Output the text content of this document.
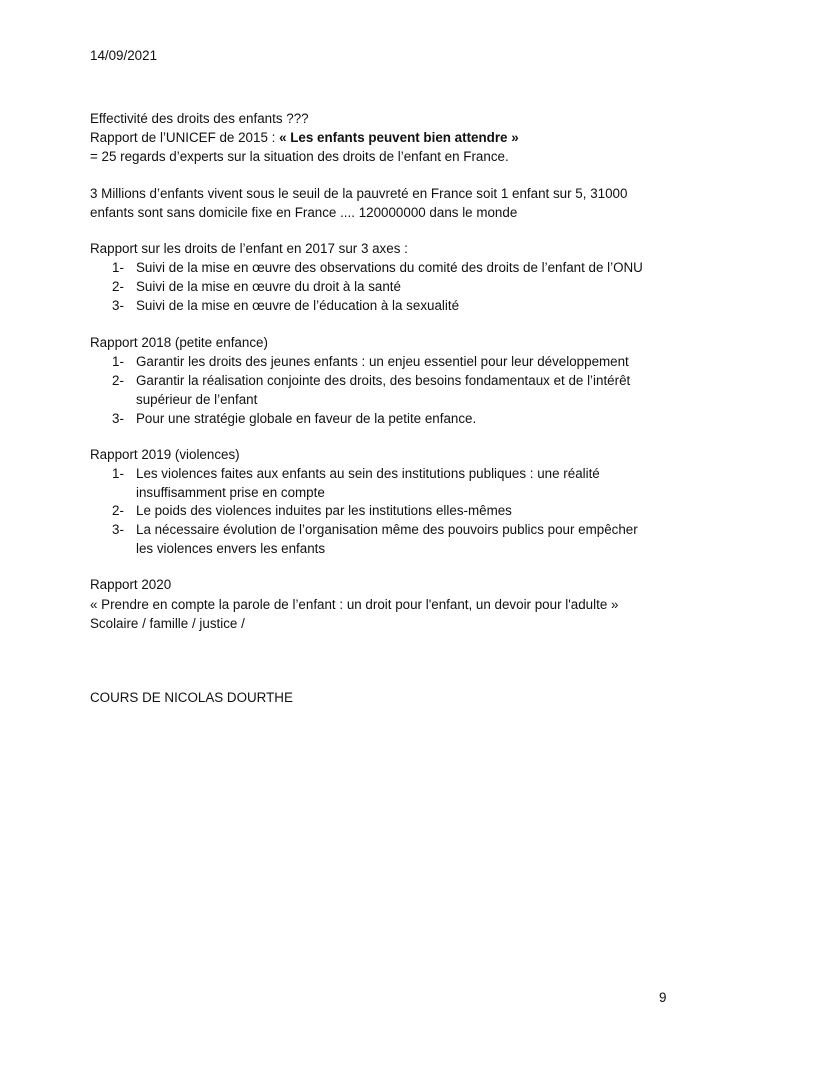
14/09/2021
Effectivité des droits des enfants ???
Rapport de l’UNICEF de 2015 : « Les enfants peuvent bien attendre »
= 25 regards d’experts sur la situation des droits de l’enfant en France.
3 Millions d’enfants vivent sous le seuil de la pauvreté en France soit 1 enfant sur 5, 31000
enfants sont sans domicile fixe en France .... 120000000 dans le monde
Rapport sur les droits de l’enfant en 2017 sur 3 axes :
1- Suivi de la mise en œuvre des observations du comité des droits de l’enfant de l’ONU
2- Suivi de la mise en œuvre du droit à la santé
3- Suivi de la mise en œuvre de l’éducation à la sexualité
Rapport 2018 (petite enfance)
1- Garantir les droits des jeunes enfants : un enjeu essentiel pour leur développement
2- Garantir la réalisation conjointe des droits, des besoins fondamentaux et de l’intérêt
supérieur de l’enfant
3- Pour une stratégie globale en faveur de la petite enfance.
Rapport 2019 (violences)
1- Les violences faites aux enfants au sein des institutions publiques : une réalité
insuffisamment prise en compte
2- Le poids des violences induites par les institutions elles-mêmes
3- La nécessaire évolution de l’organisation même des pouvoirs publics pour empêcher
les violences envers les enfants
Rapport 2020
« Prendre en compte la parole de l’enfant : un droit pour l'enfant, un devoir pour l'adulte »
Scolaire / famille / justice /
COURS DE NICOLAS DOURTHE
9
